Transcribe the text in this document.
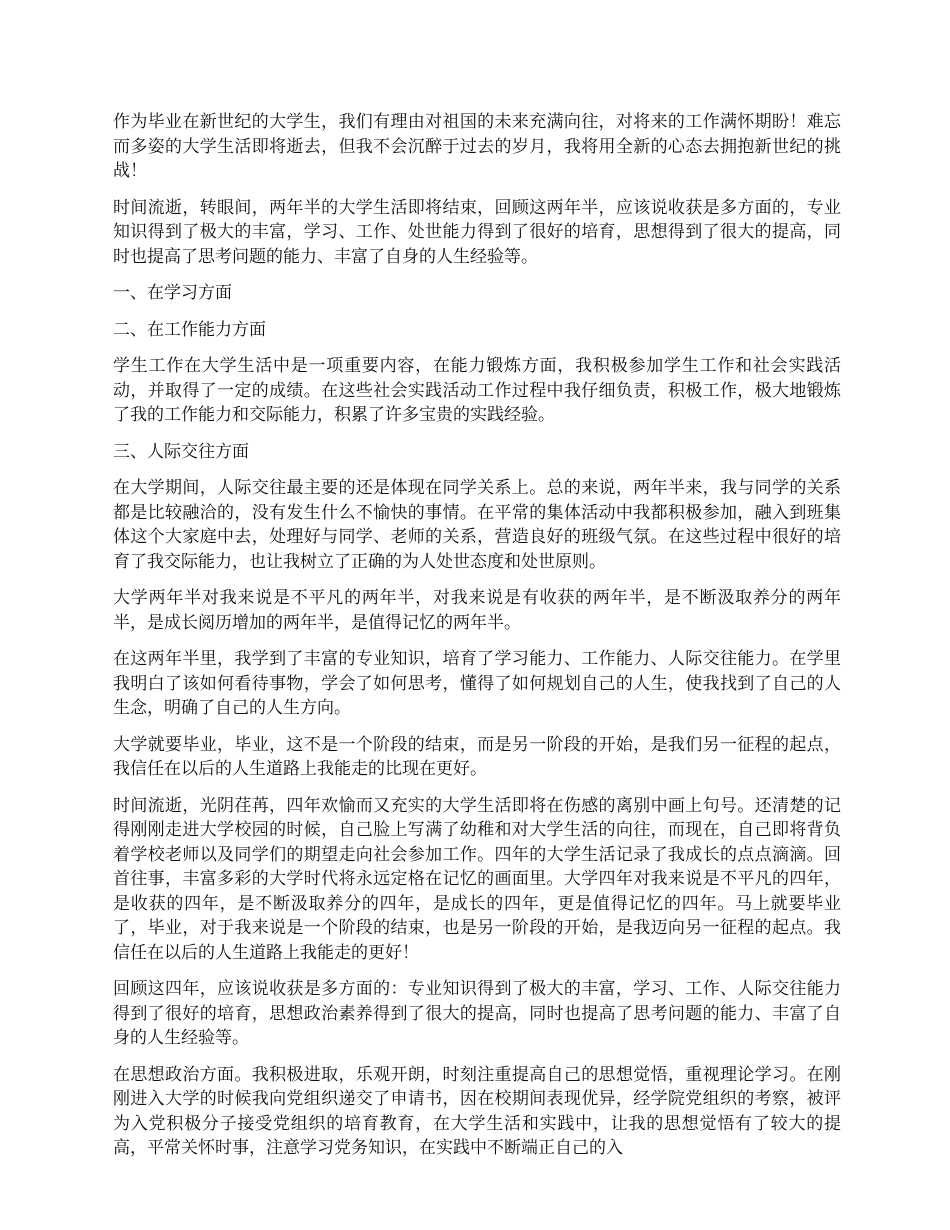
作为毕业在新世纪的大学生，我们有理由对祖国的未来充满向往，对将来的工作满怀期盼！难忘而多姿的大学生活即将逝去，但我不会沉醉于过去的岁月，我将用全新的心态去拥抱新世纪的挑战！

时间流逝，转眼间，两年半的大学生活即将结束，回顾这两年半，应该说收获是多方面的，专业知识得到了极大的丰富，学习、工作、处世能力得到了很好的培育，思想得到了很大的提高，同时也提高了思考问题的能力、丰富了自身的人生经验等。

一、在学习方面

二、在工作能力方面

学生工作在大学生活中是一项重要内容，在能力锻炼方面，我积极参加学生工作和社会实践活动，并取得了一定的成绩。在这些社会实践活动工作过程中我仔细负责，积极工作，极大地锻炼了我的工作能力和交际能力，积累了许多宝贵的实践经验。

三、人际交往方面

在大学期间，人际交往最主要的还是体现在同学关系上。总的来说，两年半来，我与同学的关系都是比较融洽的，没有发生什么不愉快的事情。在平常的集体活动中我都积极参加，融入到班集体这个大家庭中去，处理好与同学、老师的关系，营造良好的班级气氛。在这些过程中很好的培育了我交际能力，也让我树立了正确的为人处世态度和处世原则。

大学两年半对我来说是不平凡的两年半，对我来说是有收获的两年半，是不断汲取养分的两年半，是成长阅历增加的两年半，是值得记忆的两年半。

在这两年半里，我学到了丰富的专业知识，培育了学习能力、工作能力、人际交往能力。在学里我明白了该如何看待事物，学会了如何思考，懂得了如何规划自己的人生，使我找到了自己的人生念，明确了自己的人生方向。

大学就要毕业，毕业，这不是一个阶段的结束，而是另一阶段的开始，是我们另一征程的起点，我信任在以后的人生道路上我能走的比现在更好。

时间流逝，光阴荏苒，四年欢愉而又充实的大学生活即将在伤感的离别中画上句号。还清楚的记得刚刚走进大学校园的时候，自己脸上写满了幼稚和对大学生活的向往，而现在，自己即将背负着学校老师以及同学们的期望走向社会参加工作。四年的大学生活记录了我成长的点点滴滴。回首往事，丰富多彩的大学时代将永远定格在记忆的画面里。大学四年对我来说是不平凡的四年，是收获的四年，是不断汲取养分的四年，是成长的四年，更是值得记忆的四年。马上就要毕业了，毕业，对于我来说是一个阶段的结束，也是另一阶段的开始，是我迈向另一征程的起点。我信任在以后的人生道路上我能走的更好！

回顾这四年，应该说收获是多方面的：专业知识得到了极大的丰富，学习、工作、人际交往能力得到了很好的培育，思想政治素养得到了很大的提高，同时也提高了思考问题的能力、丰富了自身的人生经验等。

在思想政治方面。我积极进取，乐观开朗，时刻注重提高自己的思想觉悟，重视理论学习。在刚刚进入大学的时候我向党组织递交了申请书，因在校期间表现优异，经学院党组织的考察，被评为入党积极分子接受党组织的培育教育，在大学生活和实践中，让我的思想觉悟有了较大的提高，平常关怀时事，注意学习党务知识，在实践中不断端正自己的入
